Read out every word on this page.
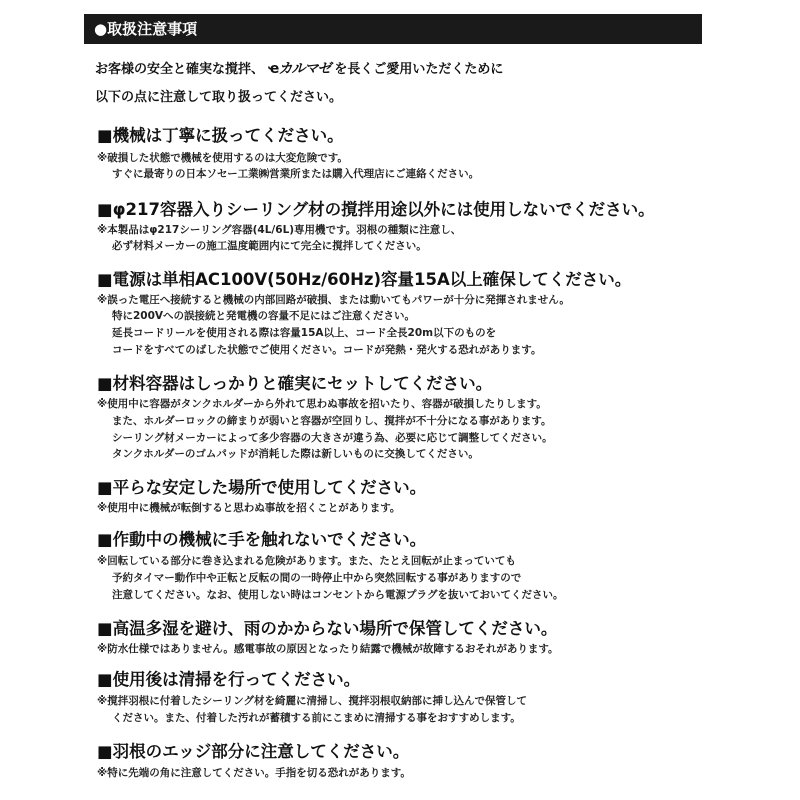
●取扱注意事項
お客様の安全と確実な撹拌、 ҽカルマゼ を長くご愛用いただくために
以下の点に注意して取り扱ってください。
■機械は丁寧に扱ってください。
※破損した状態で機械を使用するのは大変危険です。
すぐに最寄りの日本ソセー工業㈱営業所または購入代理店にご連絡ください。
■φ217容器入りシーリング材の撹拌用途以外には使用しないでください。
※本製品はφ217シーリング容器(4L/6L)専用機です。羽根の種類に注意し、
必ず材料メーカーの施工温度範囲内にて完全に撹拌してください。
■電源は単相AC100V(50Hz/60Hz)容量15A以上確保してください。
※誤った電圧へ接続すると機械の内部回路が破損、または動いてもパワーが十分に発揮されません。
特に200Vへの誤接続と発電機の容量不足にはご注意ください。
延長コードリールを使用される際は容量15A以上、コード全長20m以下のものを
コードをすべてのばした状態でご使用ください。コードが発熱・発火する恐れがあります。
■材料容器はしっかりと確実にセットしてください。
※使用中に容器がタンクホルダーから外れて思わぬ事故を招いたり、容器が破損したりします。
また、ホルダーロックの締まりが弱いと容器が空回りし、撹拌が不十分になる事があります。
シーリング材メーカーによって多少容器の大きさが違う為、必要に応じて調整してください。
タンクホルダーのゴムパッドが消耗した際は新しいものに交換してください。
■平らな安定した場所で使用してください。
※使用中に機械が転倒すると思わぬ事故を招くことがあります。
■作動中の機械に手を触れないでください。
※回転している部分に巻き込まれる危険があります。また、たとえ回転が止まっていても
予約タイマー動作中や正転と反転の間の一時停止中から突然回転する事がありますので
注意してください。なお、使用しない時はコンセントから電源プラグを抜いておいてください。
■高温多湿を避け、雨のかからない場所で保管してください。
※防水仕様ではありません。感電事故の原因となったり結露で機械が故障するおそれがあります。
■使用後は清掃を行ってください。
※撹拌羽根に付着したシーリング材を綺麗に清掃し、撹拌羽根収納部に挿し込んで保管して
ください。また、付着した汚れが蓄積する前にこまめに清掃する事をおすすめします。
■羽根のエッジ部分に注意してください。
※特に先端の角に注意してください。手指を切る恐れがあります。
